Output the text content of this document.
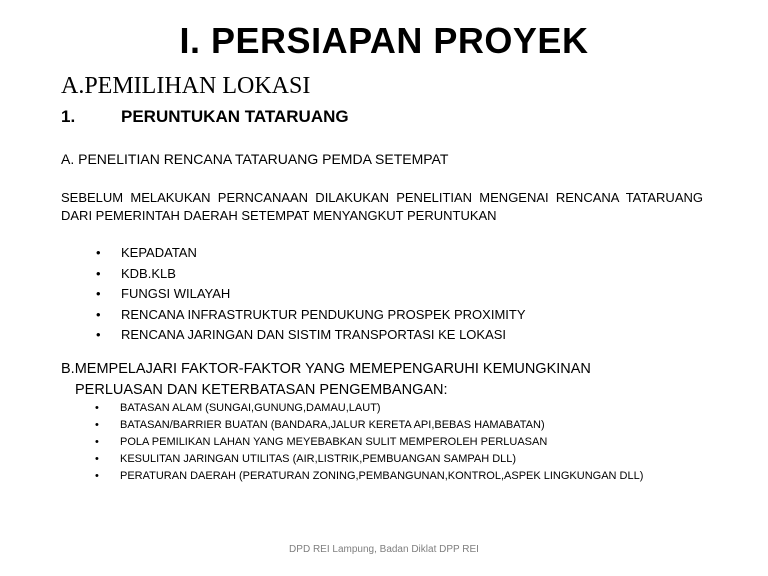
I. PERSIAPAN PROYEK
A.PEMILIHAN LOKASI
1.	PERUNTUKAN TATARUANG
A. PENELITIAN RENCANA TATARUANG PEMDA SETEMPAT
SEBELUM MELAKUKAN PERNCANAAN DILAKUKAN PENELITIAN MENGENAI RENCANA TATARUANG DARI PEMERINTAH DAERAH SETEMPAT MENYANGKUT PERUNTUKAN
• KEPADATAN
• KDB.KLB
• FUNGSI WILAYAH
• RENCANA INFRASTRUKTUR PENDUKUNG PROSPEK PROXIMITY
• RENCANA JARINGAN DAN SISTIM TRANSPORTASI KE LOKASI
B.MEMPELAJARI FAKTOR-FAKTOR YANG MEMEPENGARUHI KEMUNGKINAN
PERLUASAN DAN KETERBATASAN PENGEMBANGAN:
• BATASAN ALAM (SUNGAI,GUNUNG,DAMAU,LAUT)
• BATASAN/BARRIER BUATAN (BANDARA,JALUR KERETA API,BEBAS HAMABATAN)
• POLA PEMILIKAN LAHAN YANG MEYEBABKAN SULIT MEMPEROLEH PERLUASAN
• KESULITAN JARINGAN UTILITAS (AIR,LISTRIK,PEMBUANGAN SAMPAH DLL)
• PERATURAN DAERAH (PERATURAN ZONING,PEMBANGUNAN,KONTROL,ASPEK LINGKUNGAN DLL)
DPD REI Lampung, Badan Diklat DPP REI
